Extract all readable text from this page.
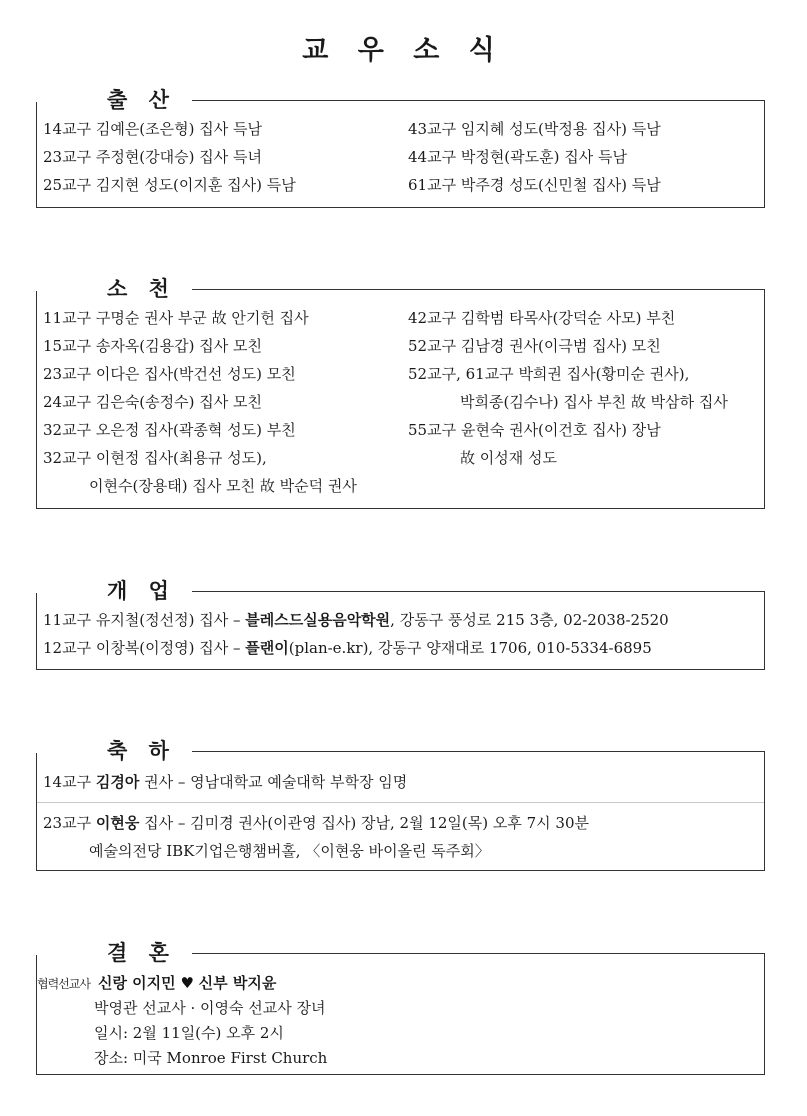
교 우 소 식
출 산
14교구 김예은(조은형) 집사 득남
23교구 주정현(강대승) 집사 득녀
25교구 김지현 성도(이지훈 집사) 득남
43교구 임지혜 성도(박정용 집사) 득남
44교구 박정현(곽도훈) 집사 득남
61교구 박주경 성도(신민철 집사) 득남
소 천
11교구 구명순 권사 부군 故 안기헌 집사
15교구 송자옥(김용갑) 집사 모친
23교구 이다은 집사(박건선 성도) 모친
24교구 김은숙(송정수) 집사 모친
32교구 오은정 집사(곽종혁 성도) 부친
32교구 이현정 집사(최용규 성도),
이현수(장용태) 집사 모친 故 박순덕 권사
42교구 김학범 타목사(강덕순 사모) 부친
52교구 김남경 권사(이극범 집사) 모친
52교구, 61교구 박희권 집사(황미순 권사),
박희종(김수나) 집사 부친 故 박삼하 집사
55교구 윤현숙 권사(이건호 집사) 장남
故 이성재 성도
개 업
11교구 유지철(정선정) 집사 – 블레스드실용음악학원, 강동구 풍성로 215 3층, 02-2038-2520
12교구 이창복(이정영) 집사 – 플랜이(plan-e.kr), 강동구 양재대로 1706, 010-5334-6895
축 하
14교구 김경아 권사 – 영남대학교 예술대학 부학장 임명
23교구 이현웅 집사 – 김미경 권사(이관영 집사) 장남, 2월 12일(목) 오후 7시 30분
예술의전당 IBK기업은행챔버홀, 〈이현웅 바이올린 독주회〉
결 혼
협력선교사 신랑 이지민 ♥ 신부 박지윤
박영관 선교사 · 이영숙 선교사 장녀
일시: 2월 11일(수) 오후 2시
장소: 미국 Monroe First Church
